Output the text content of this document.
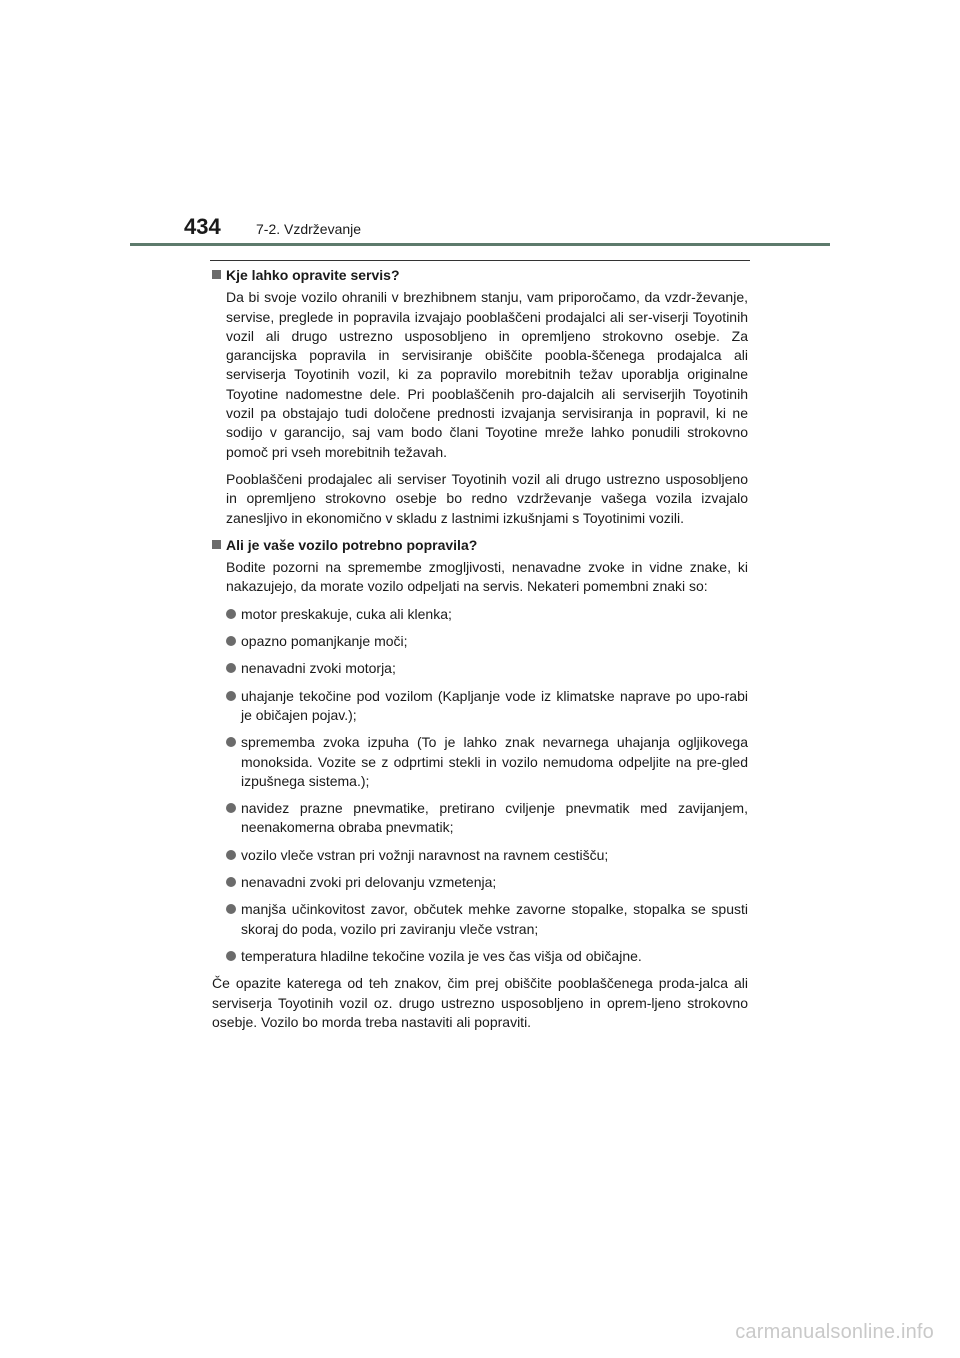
434	7-2. Vzdrževanje
Kje lahko opravite servis?

Da bi svoje vozilo ohranili v brezhibnem stanju, vam priporočamo, da vzdr-ževanje, servise, preglede in popravila izvajajo pooblaščeni prodajalci ali ser-viserji Toyotinih vozil ali drugo ustrezno usposobljeno in opremljeno strokovno osebje. Za garancijska popravila in servisiranje obiščite poobla-ščenega prodajalca ali serviserja Toyotinih vozil, ki za popravilo morebitnih težav uporablja originalne Toyotine nadomestne dele. Pri pooblaščenih pro-dajalcih ali serviserjih Toyotinih vozil pa obstajajo tudi določene prednosti izvajanja servisiranja in popravil, ki ne sodijo v garancijo, saj vam bodo člani Toyotine mreže lahko ponudili strokovno pomoč pri vseh morebitnih težavah.

Pooblaščeni prodajalec ali serviser Toyotinih vozil ali drugo ustrezno usposobljeno in opremljeno strokovno osebje bo redno vzdrževanje vašega vozila izvajalo zanesljivo in ekonomično v skladu z lastnimi izkušnjami s Toyotinimi vozili.

Ali je vaše vozilo potrebno popravila?

Bodite pozorni na spremembe zmogljivosti, nenavadne zvoke in vidne znake, ki nakazujejo, da morate vozilo odpeljati na servis. Nekateri pomembni znaki so:

motor preskakuje, cuka ali klenka;
opazno pomanjkanje moči;
nenavadni zvoki motorja;
uhajanje tekočine pod vozilom (Kapljanje vode iz klimatske naprave po upo-rabi je običajen pojav.);
sprememba zvoka izpuha (To je lahko znak nevarnega uhajanja ogljikovega monoksida. Vozite se z odprtimi stekli in vozilo nemudoma odpeljite na pre-gled izpušnega sistema.);
navidez prazne pnevmatike, pretirano cviljenje pnevmatik med zavijanjem, neenakomerna obraba pnevmatik;
vozilo vleče vstran pri vožnji naravnost na ravnem cestišču;
nenavadni zvoki pri delovanju vzmetenja;
manjša učinkovitost zavor, občutek mehke zavorne stopalke, stopalka se spusti skoraj do poda, vozilo pri zaviranju vleče vstran;
temperatura hladilne tekočine vozila je ves čas višja od običajne.

Če opazite katerega od teh znakov, čim prej obiščite pooblaščenega proda-jalca ali serviserja Toyotinih vozil oz. drugo ustrezno usposobljeno in oprem-ljeno strokovno osebje. Vozilo bo morda treba nastaviti ali popraviti.

carmanualsonline.info
